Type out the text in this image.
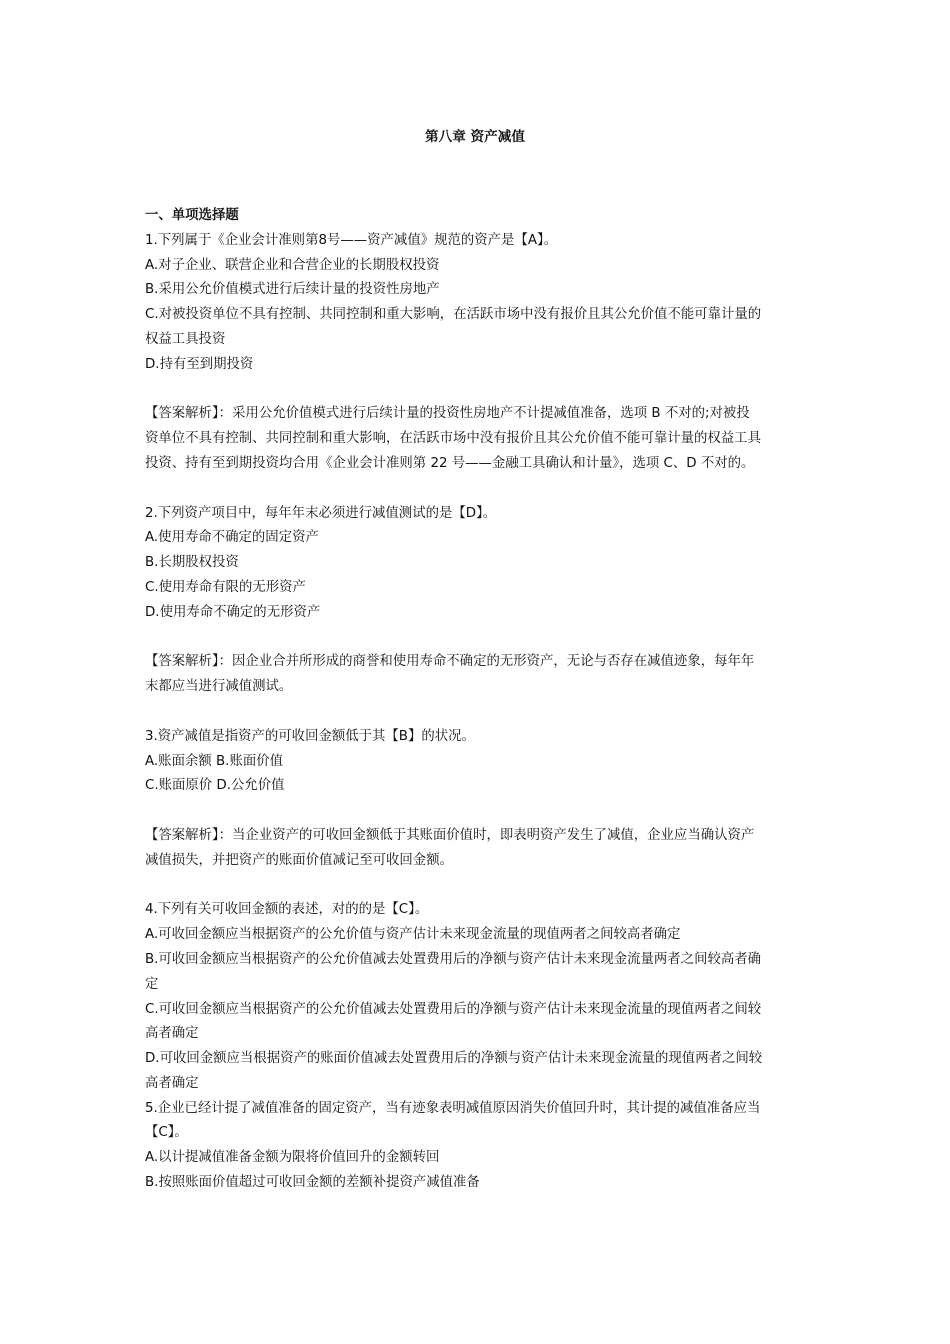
第八章 资产减值
一、单项选择题
1.下列属于《企业会计准则第8号——资产减值》规范的资产是【A】。
A.对子企业、联营企业和合营企业的长期股权投资
B.采用公允价值模式进行后续计量的投资性房地产
C.对被投资单位不具有控制、共同控制和重大影响，在活跃市场中没有报价且其公允价值不能可靠计量的
权益工具投资
D.持有至到期投资
【答案解析】：采用公允价值模式进行后续计量的投资性房地产不计提减值准备，选项 B 不对的;对被投
资单位不具有控制、共同控制和重大影响，在活跃市场中没有报价且其公允价值不能可靠计量的权益工具
投资、持有至到期投资均合用《企业会计准则第 22 号——金融工具确认和计量》，选项 C、D 不对的。
2.下列资产项目中，每年年末必须进行减值测试的是【D】。
A.使用寿命不确定的固定资产
B.长期股权投资
C.使用寿命有限的无形资产
D.使用寿命不确定的无形资产
【答案解析】：因企业合并所形成的商誉和使用寿命不确定的无形资产，无论与否存在减值迹象，每年年
末都应当进行减值测试。
3.资产减值是指资产的可收回金额低于其【B】的状况。
A.账面余额 B.账面价值
C.账面原价 D.公允价值
【答案解析】：当企业资产的可收回金额低于其账面价值时，即表明资产发生了减值，企业应当确认资产
减值损失，并把资产的账面价值减记至可收回金额。
4.下列有关可收回金额的表述，对的的是【C】。
A.可收回金额应当根据资产的公允价值与资产估计未来现金流量的现值两者之间较高者确定
B.可收回金额应当根据资产的公允价值减去处置费用后的净额与资产估计未来现金流量两者之间较高者确
定
C.可收回金额应当根据资产的公允价值减去处置费用后的净额与资产估计未来现金流量的现值两者之间较
高者确定
D.可收回金额应当根据资产的账面价值减去处置费用后的净额与资产估计未来现金流量的现值两者之间较
高者确定
5.企业已经计提了减值准备的固定资产，当有迹象表明减值原因消失价值回升时，其计提的减值准备应当
【C】。
A.以计提减值准备金额为限将价值回升的金额转回
B.按照账面价值超过可收回金额的差额补提资产减值准备
